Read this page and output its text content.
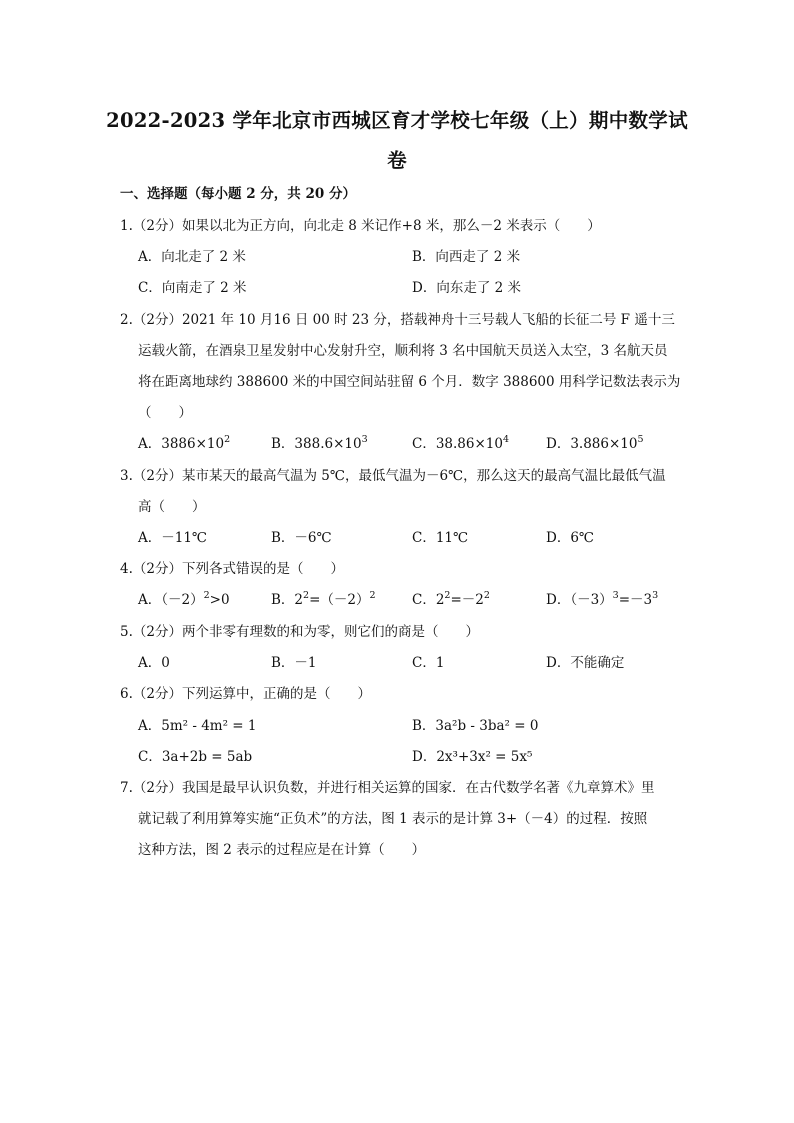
2022-2023 学年北京市西城区育才学校七年级（上）期中数学试
卷
一、选择题（每小题 2 分，共 20 分）
1.（2分）如果以北为正方向，向北走 8 米记作+8 米，那么－2 米表示（　　）
A．向北走了 2 米	B．向西走了 2 米
C．向南走了 2 米	D．向东走了 2 米
2.（2分）2021 年 10 月16 日 00 时 23 分，搭载神舟十三号载人飞船的长征二号 F 遥十三
运载火箭，在酒泉卫星发射中心发射升空，顺利将 3 名中国航天员送入太空，3 名航天员
将在距离地球约 388600 米的中国空间站驻留 6 个月．数字 388600 用科学记数法表示为
（　　）
A．$3886\times 10^2$	B．$388.6\times 10^3$	C．$38.86\times 10^4$	D．$3.886\times 10^5$
3.（2分）某市某天的最高气温为 5℃，最低气温为－6℃，那么这天的最高气温比最低气温
高（　　）
A．－11℃	B．－6℃	C．11℃	D．6℃
4.（2分）下列各式错误的是（　　）
A．$(-2)^2>0$	B．$2^2=(-2)^2$	C．$2^2=-2^2$	D．$(-3)^3=-3^3$
5.（2分）两个非零有理数的和为零，则它们的商是（　　）
A．0	B．－1	C．1	D．不能确定
6.（2分）下列运算中，正确的是（　　）
A．5m² - 4m² = 1	B．3a²b - 3ba² = 0
C．3a+2b = 5ab	D．2x³+3x² = 5x⁵
7.（2分）我国是最早认识负数，并进行相关运算的国家．在古代数学名著《九章算术》里
就记载了利用算筹实施“正负术”的方法，图 1 表示的是计算 3+（－4）的过程．按照
这种方法，图 2 表示的过程应是在计算（　　）
